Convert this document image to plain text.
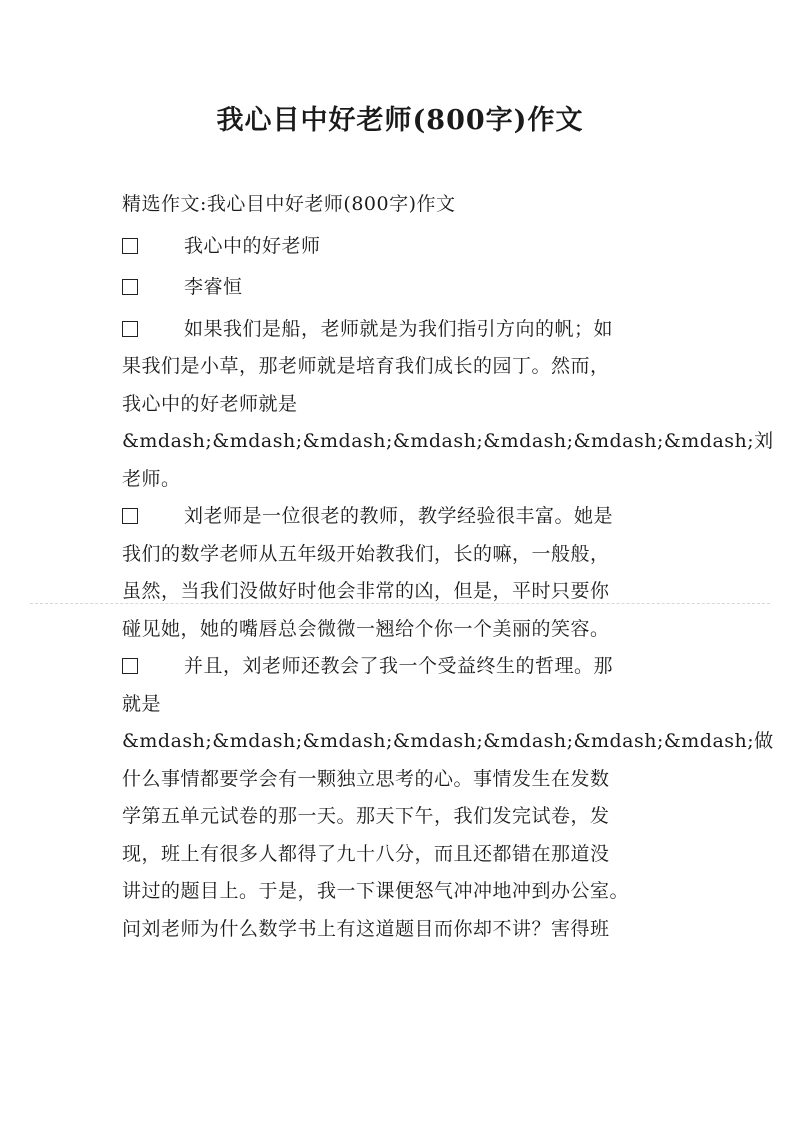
我心目中好老师(800字)作文
精选作文:我心目中好老师(800字)作文
我心中的好老师
李睿恒
如果我们是船，老师就是为我们指引方向的帆；如
果我们是小草，那老师就是培育我们成长的园丁。然而，
我心中的好老师就是
&mdash;&mdash;&mdash;&mdash;&mdash;&mdash;&mdash;刘
老师。
刘老师是一位很老的教师，教学经验很丰富。她是
我们的数学老师从五年级开始教我们，长的嘛，一般般，
虽然，当我们没做好时他会非常的凶，但是，平时只要你
碰见她，她的嘴唇总会微微一翘给个你一个美丽的笑容。
并且，刘老师还教会了我一个受益终生的哲理。那
就是
&mdash;&mdash;&mdash;&mdash;&mdash;&mdash;&mdash;做
什么事情都要学会有一颗独立思考的心。事情发生在发数
学第五单元试卷的那一天。那天下午，我们发完试卷，发
现，班上有很多人都得了九十八分，而且还都错在那道没
讲过的题目上。于是，我一下课便怒气冲冲地冲到办公室。
问刘老师为什么数学书上有这道题目而你却不讲？害得班
